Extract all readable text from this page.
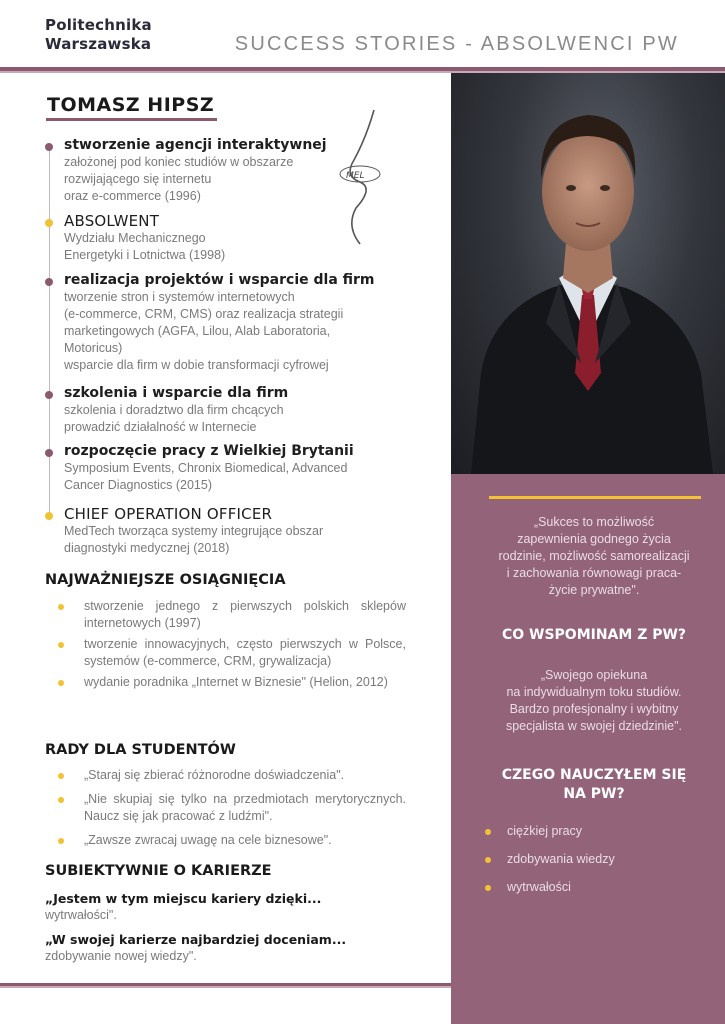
Politechnika
Warszawska	SUCCESS STORIES - ABSOLWENCI PW
„Sukces to możliwość
zapewnienia godnego życia
rodzinie, możliwość samorealizacji
i zachowania równowagi praca-
życie prywatne".
CO WSPOMINAM Z PW?
„Swojego opiekuna
na indywidualnym toku studiów.
Bardzo profesjonalny i wybitny
specjalista w swojej dziedzinie".
CZEGO NAUCZYŁEM SIĘ
NA PW?
ciężkiej pracy
zdobywania wiedzy
wytrwałości
TOMASZ HIPSZ
MEL
stworzenie agencji interaktywnej
założonej pod koniec studiów w obszarze
rozwijającego się internetu
oraz e-commerce (1996)
ABSOLWENT
Wydziału Mechanicznego
Energetyki i Lotnictwa (1998)
realizacja projektów i wsparcie dla firm
tworzenie stron i systemów internetowych
(e-commerce, CRM, CMS) oraz realizacja strategii
marketingowych (AGFA, Lilou, Alab Laboratoria,
Motoricus)
wsparcie dla firm w dobie transformacji cyfrowej
szkolenia i wsparcie dla firm
szkolenia i doradztwo dla firm chcących
prowadzić działalność w Internecie
rozpoczęcie pracy z Wielkiej Brytanii
Symposium Events, Chronix Biomedical, Advanced
Cancer Diagnostics (2015)
CHIEF OPERATION OFFICER
MedTech tworząca systemy integrujące obszar
diagnostyki medycznej (2018)
NAJWAŻNIEJSZE OSIĄGNIĘCIA
stworzenie jednego z pierwszych polskich sklepów internetowych (1997)
tworzenie innowacyjnych, często pierwszych w Polsce, systemów (e-commerce, CRM, grywalizacja)
wydanie poradnika „Internet w Biznesie" (Helion, 2012)
RADY DLA STUDENTÓW
„Staraj się zbierać różnorodne doświadczenia".
„Nie skupiaj się tylko na przedmiotach merytorycznych. Naucz się jak pracować z ludźmi".
„Zawsze zwracaj uwagę na cele biznesowe".
SUBIEKTYWNIE O KARIERZE
„Jestem w tym miejscu kariery dzięki...
wytrwałości".
„W swojej karierze najbardziej doceniam...
zdobywanie nowej wiedzy".
